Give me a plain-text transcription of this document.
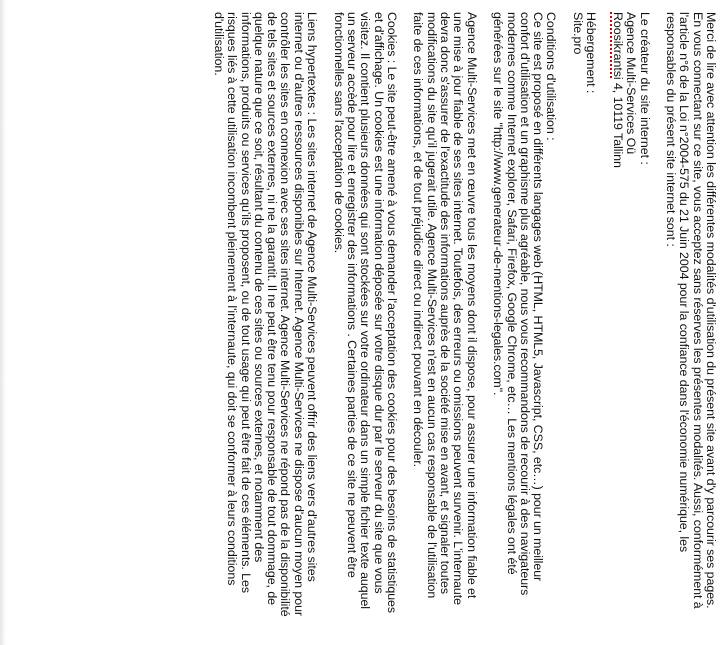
Merci de lire avec attention les différentes modalités d'utilisation du présent site avant d'y parcourir ses pages. En vous connectant sur ce site, vous acceptez sans réserves les présentes modalités. Aussi, conformément à l'article n°6 de la Loi n°2004-575 du 21 Juin 2004 pour la confiance dans l'économie numérique, les responsables du présent site internet sont :

Le créateur du site internet :

Agence Multi-Services Oü

Roosikrantsi 4, 10119 Tallinn

Hébergement :

Site.pro

Conditions d'utilisation :

Ce site est proposé en différents langages web (HTML, HTML5, Javascript, CSS, etc…) pour un meilleur confort d'utilisation et un graphisme plus agréable, nous vous recommandons de recourir à des navigateurs modernes comme Internet explorer, Safari, Firefox, Google Chrome, etc… Les mentions légales ont été générées sur le site "http://www.generateur-de-mentions-legales.com".

Agence Multi-Services met en œuvre tous les moyens dont il dispose, pour assurer une information fiable et une mise à jour fiable de ses sites internet. Toutefois, des erreurs ou omissions peuvent survenir. L'internaute devra donc s'assurer de l'exactitude des informations auprès de la société mise en avant, et signaler toutes modifications du site qu'il jugerait utile. Agence Multi-Services n'est en aucun cas responsable de l'utilisation faite de ces informations, et de tout préjudice direct ou indirect pouvant en découler.

Cookies : Le site peut-être amené à vous demander l'acceptation des cookies pour des besoins de statistiques et d'affichage. Un cookies est une information déposée sur votre disque dur par le serveur du site que vous visitez. Il contient plusieurs données qui sont stockées sur votre ordinateur dans un simple fichier texte auquel un serveur accède pour lire et enregistrer des informations . Certaines parties de ce site ne peuvent être fonctionnelles sans l'acceptation de cookies.

Liens hypertextes : Les sites internet de Agence Multi-Services peuvent offrir des liens vers d'autres sites internet ou d'autres ressources disponibles sur Internet. Agence Multi-Services ne dispose d'aucun moyen pour contrôler les sites en connexion avec ses sites internet. Agence Multi-Services ne répond pas de la disponibilité de tels sites et sources externes, ni ne la garantit. Il ne peut être tenu pour responsable de tout dommage, de quelque nature que ce soit, résultant du contenu de ces sites ou sources externes, et notamment des informations, produits ou services qu'ils proposent, ou de tout usage qui peut être fait de ces éléments. Les risques liés à cette utilisation incombent pleinement à l'internaute, qui doit se conformer à leurs conditions d'utilisation.
